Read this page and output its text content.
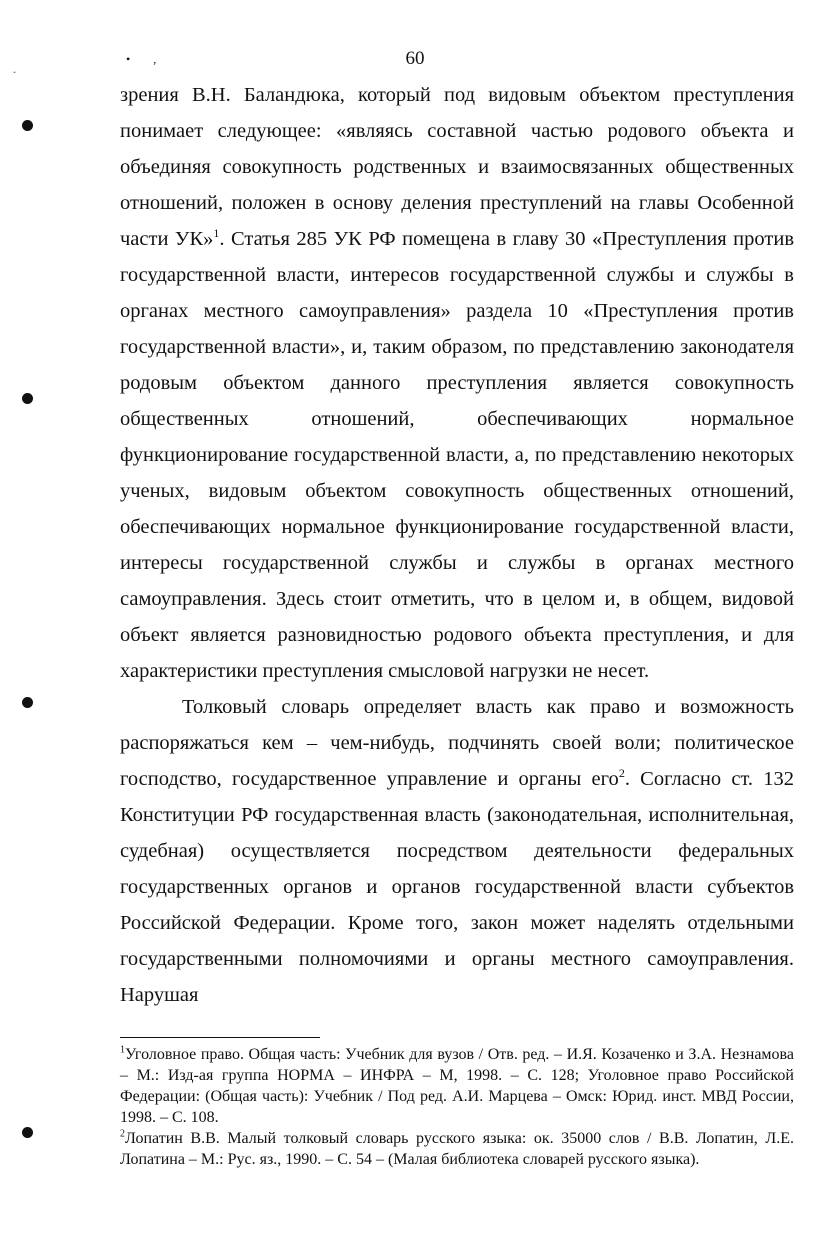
ˇ
• ,	60

зрения В.Н. Баландюка, который под видовым объектом преступления понимает следующее: «являясь составной частью родового объекта и объединяя совокупность родственных и взаимосвязанных общественных отношений, положен в основу деления преступлений на главы Особенной части УК»$^1$. Статья 285 УК РФ помещена в главу 30 «Преступления против государственной власти, интересов государственной службы и службы в органах местного самоуправления» раздела 10 «Преступления против государственной власти», и, таким образом, по представлению законодателя родовым объектом данного преступления является совокупность общественных отношений, обеспечивающих нормальное функционирование государственной власти, а, по представлению некоторых ученых, видовым объектом совокупность общественных отношений, обеспечивающих нормальное функционирование государственной власти, интересы государственной службы и службы в органах местного самоуправления. Здесь стоит отметить, что в целом и, в общем, видовой объект является разновидностью родового объекта преступления, и для характеристики преступления смысловой нагрузки не несет.

Толковый словарь определяет власть как право и возможность распоряжаться кем – чем-нибудь, подчинять своей воли; политическое господство, государственное управление и органы его$^2$. Согласно ст. 132 Конституции РФ государственная власть (законодательная, исполнительная, судебная) осуществляется посредством деятельности федеральных государственных органов и органов государственной власти субъектов Российской Федерации. Кроме того, закон может наделять отдельными государственными полномочиями и органы местного самоуправления. Нарушая

$^1$Уголовное право. Общая часть: Учебник для вузов / Отв. ред. – И.Я. Козаченко и З.А. Незнамова – М.: Изд-ая группа НОРМА – ИНФРА – М, 1998. – С. 128; Уголовное право Российской Федерации: (Общая часть): Учебник / Под ред. А.И. Марцева – Омск: Юрид. инст. МВД России, 1998. – С. 108.

$^2$Лопатин В.В. Малый толковый словарь русского языка: ок. 35000 слов / В.В. Лопатин, Л.Е. Лопатина – М.: Рус. яз., 1990. – С. 54 – (Малая библиотека словарей русского языка).
